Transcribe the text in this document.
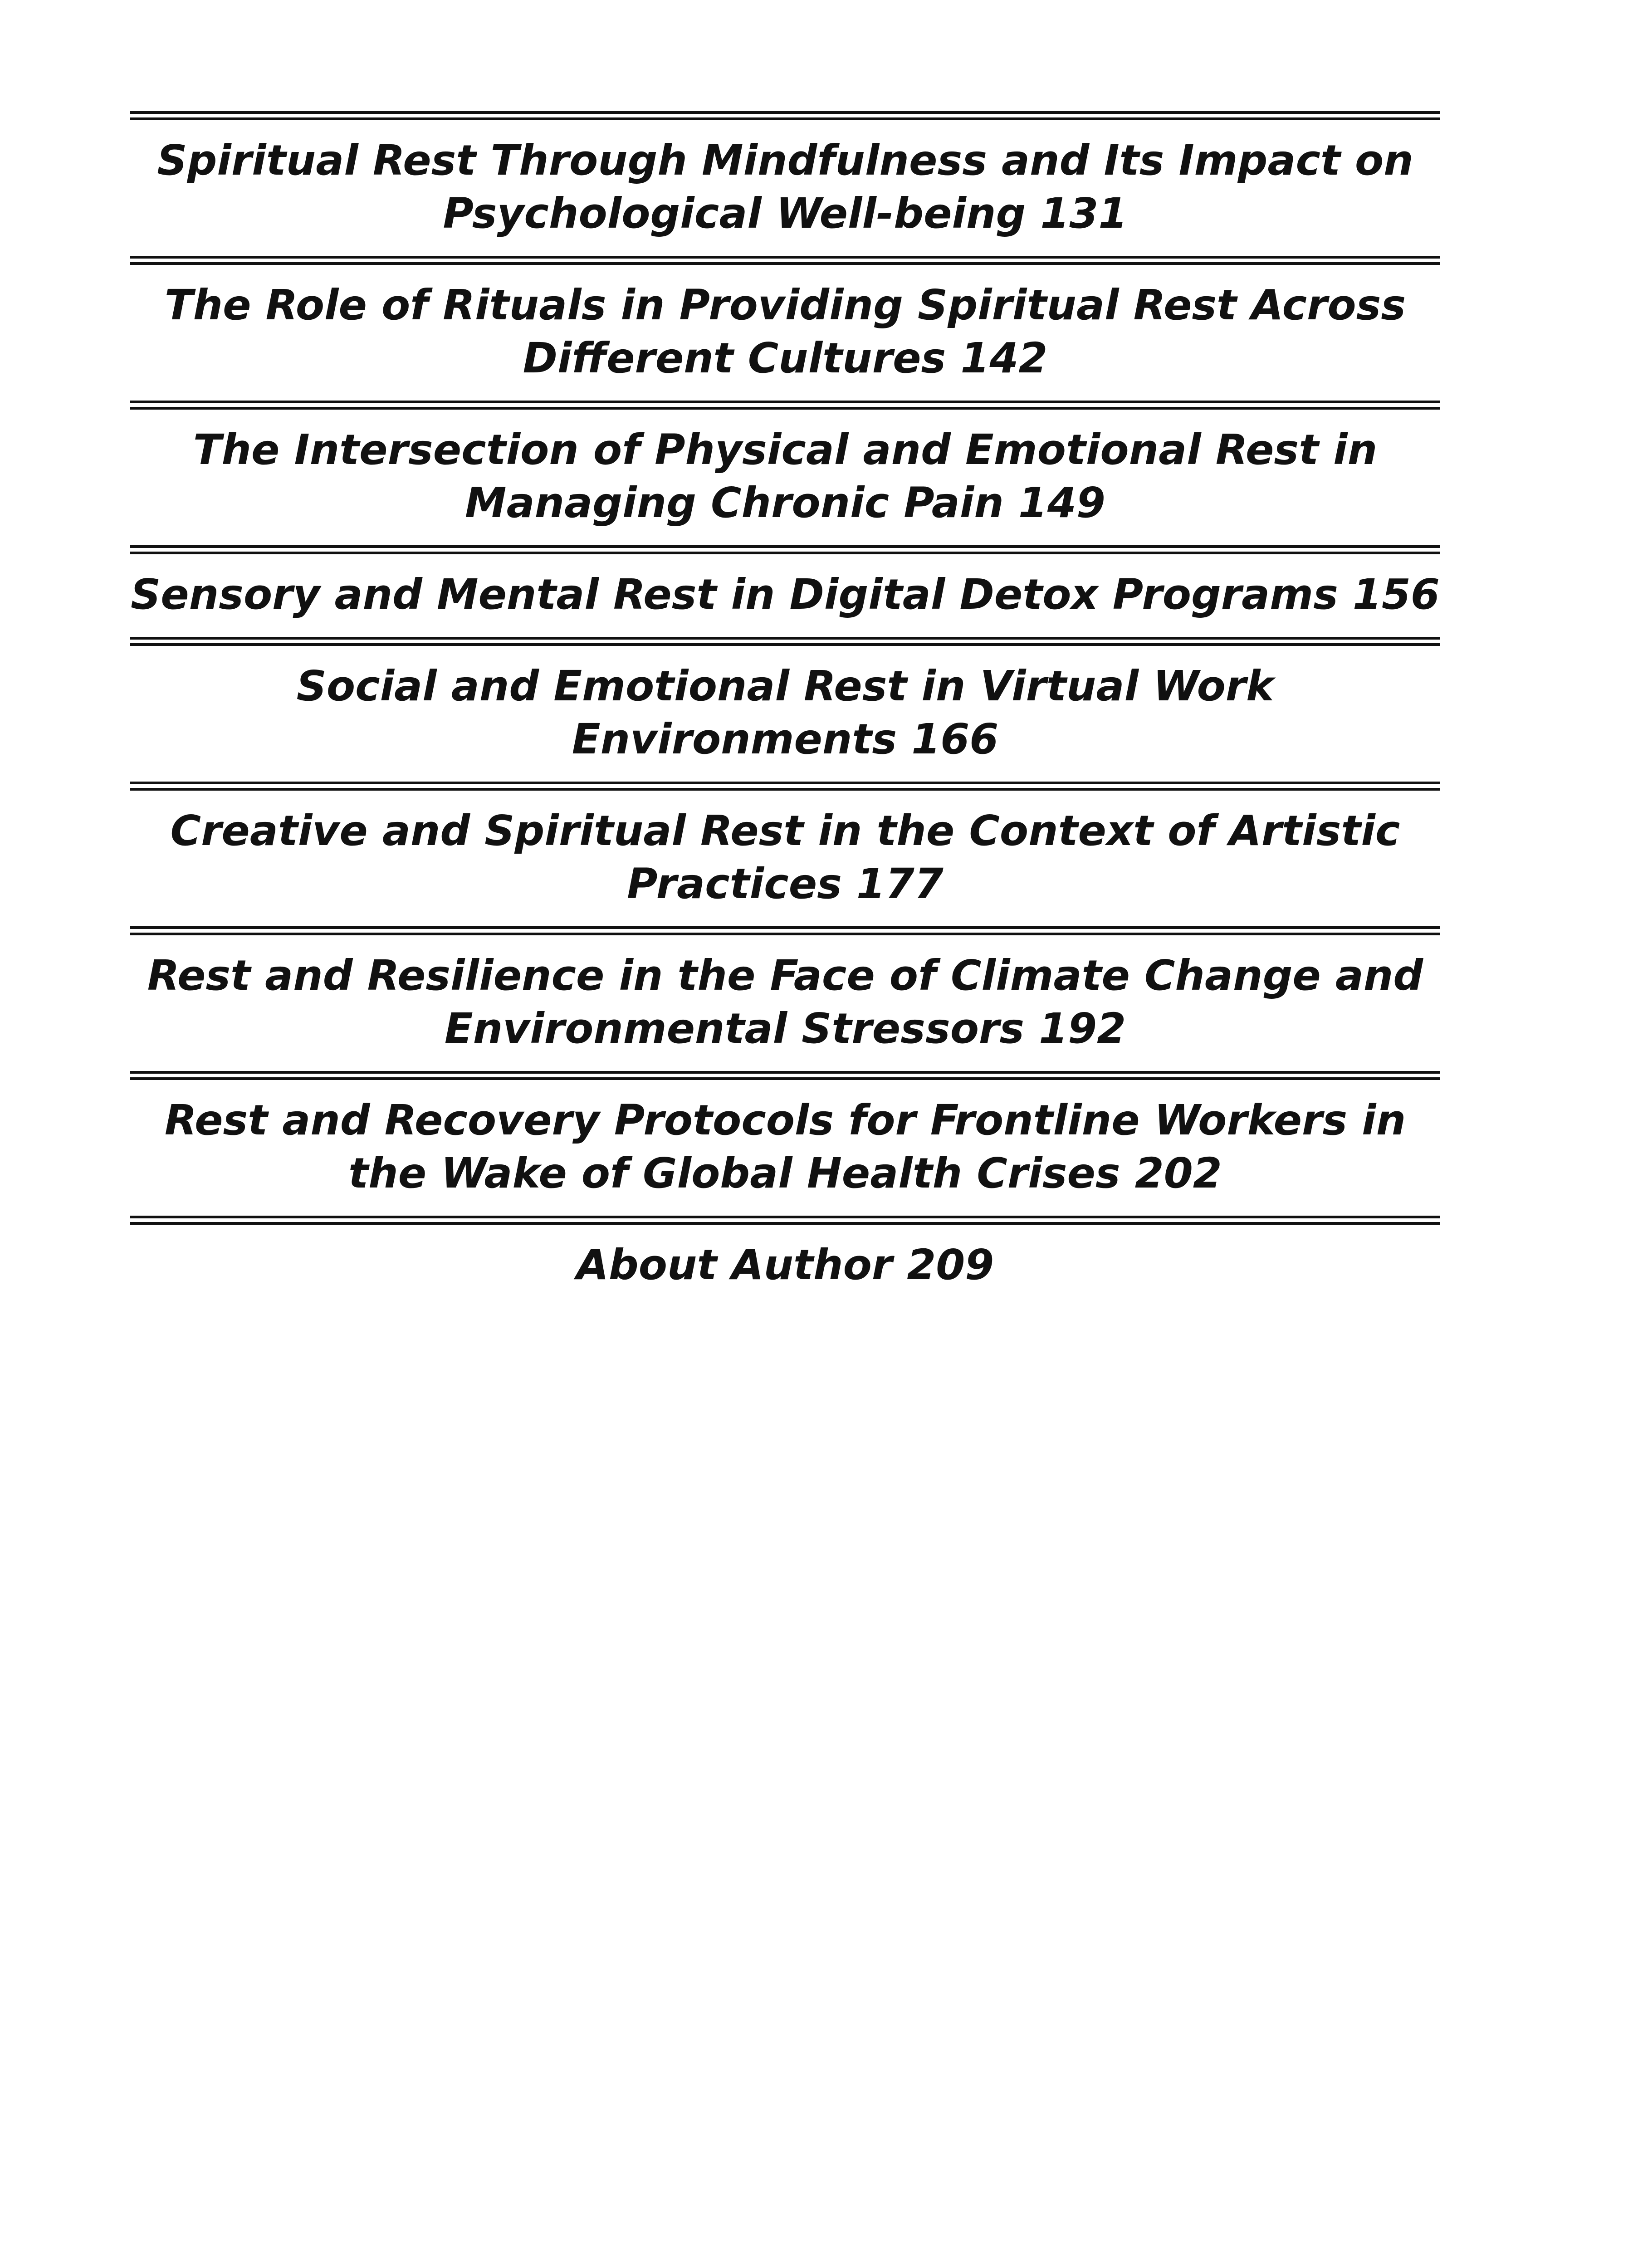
Spiritual Rest Through Mindfulness and Its Impact on Psychological Well-being 131
The Role of Rituals in Providing Spiritual Rest Across Different Cultures 142
The Intersection of Physical and Emotional Rest in Managing Chronic Pain 149
Sensory and Mental Rest in Digital Detox Programs 156
Social and Emotional Rest in Virtual Work Environments 166
Creative and Spiritual Rest in the Context of Artistic Practices 177
Rest and Resilience in the Face of Climate Change and Environmental Stressors 192
Rest and Recovery Protocols for Frontline Workers in the Wake of Global Health Crises 202
About Author 209
